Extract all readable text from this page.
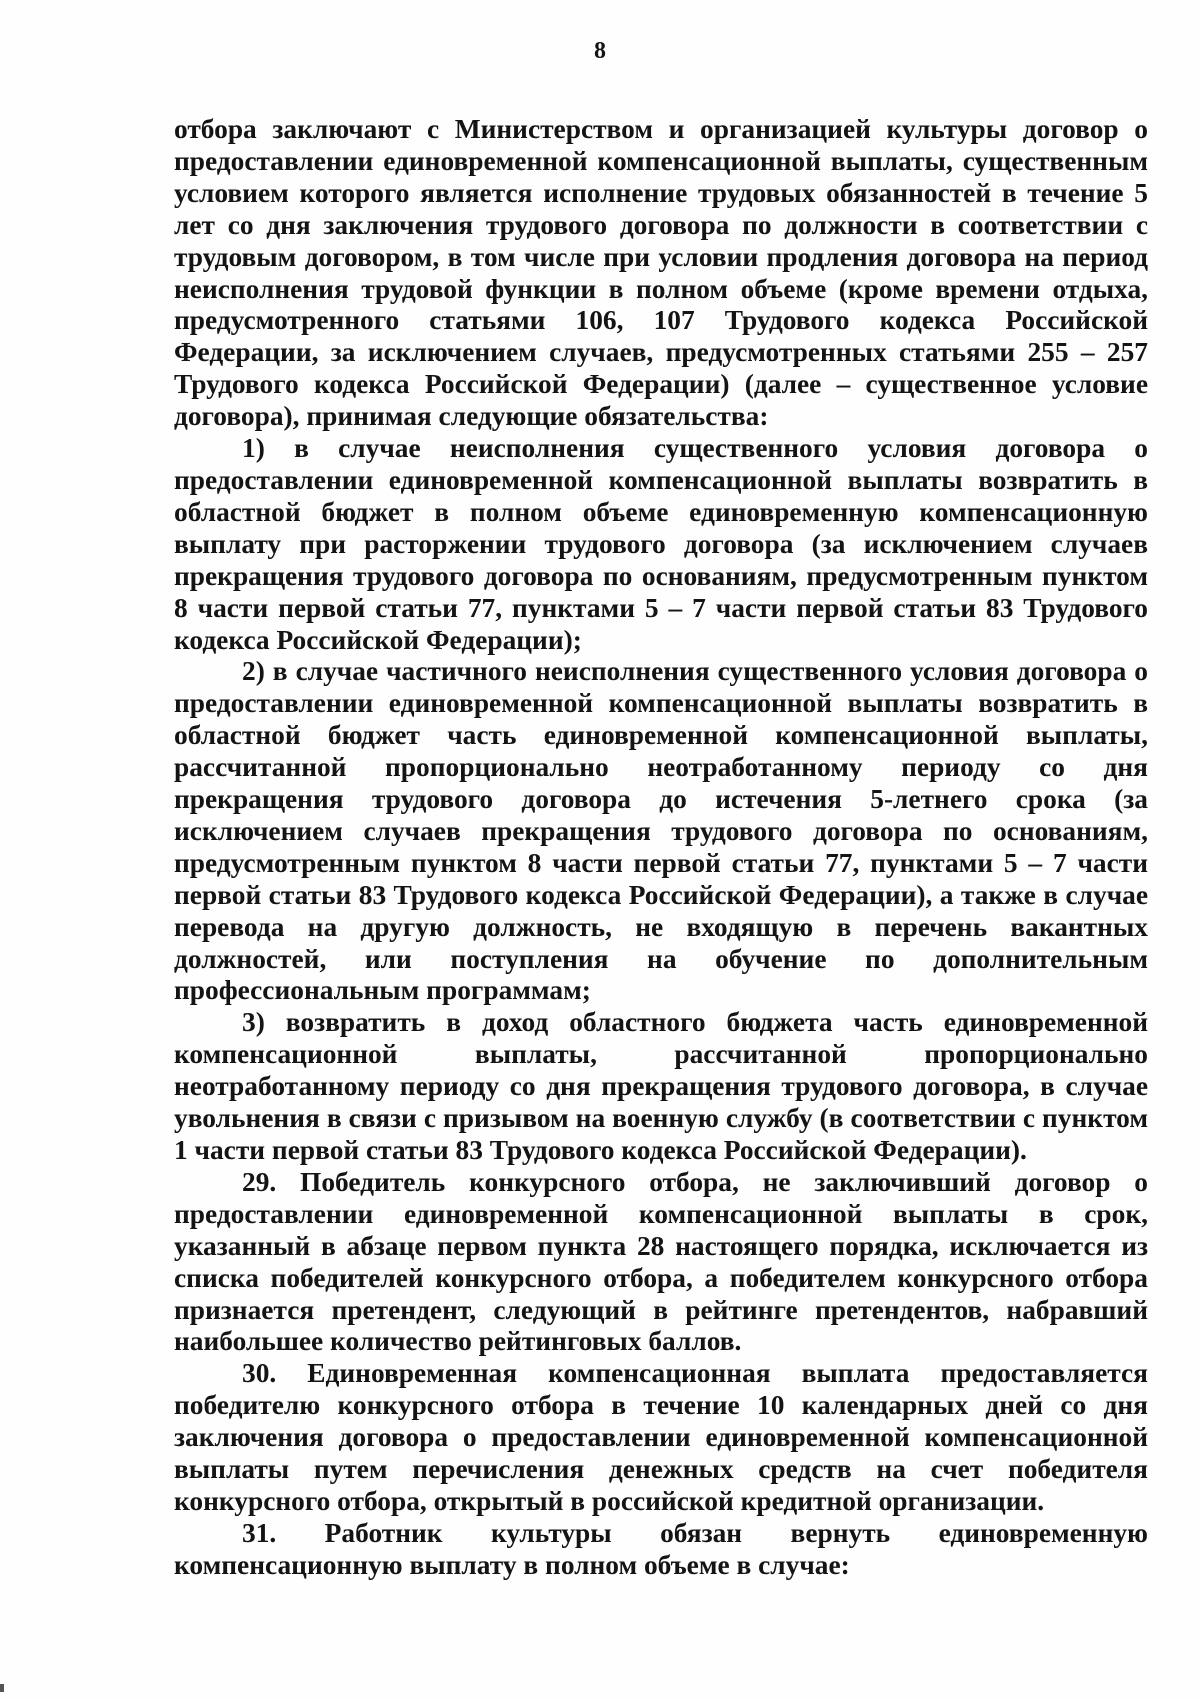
8

отбора заключают с Министерством и организацией культуры договор о предоставлении единовременной компенсационной выплаты, существенным условием которого является исполнение трудовых обязанностей в течение 5 лет со дня заключения трудового договора по должности в соответствии с трудовым договором, в том числе при условии продления договора на период неисполнения трудовой функции в полном объеме (кроме времени отдыха, предусмотренного статьями 106, 107 Трудового кодекса Российской Федерации, за исключением случаев, предусмотренных статьями 255 – 257 Трудового кодекса Российской Федерации) (далее – существенное условие договора), принимая следующие обязательства:

1) в случае неисполнения существенного условия договора о предоставлении единовременной компенсационной выплаты возвратить в областной бюджет в полном объеме единовременную компенсационную выплату при расторжении трудового договора (за исключением случаев прекращения трудового договора по основаниям, предусмотренным пунктом 8 части первой статьи 77, пунктами 5 – 7 части первой статьи 83 Трудового кодекса Российской Федерации);

2) в случае частичного неисполнения существенного условия договора о предоставлении единовременной компенсационной выплаты возвратить в областной бюджет часть единовременной компенсационной выплаты, рассчитанной пропорционально неотработанному периоду со дня прекращения трудового договора до истечения 5-летнего срока (за исключением случаев прекращения трудового договора по основаниям, предусмотренным пунктом 8 части первой статьи 77, пунктами 5 – 7 части первой статьи 83 Трудового кодекса Российской Федерации), а также в случае перевода на другую должность, не входящую в перечень вакантных должностей, или поступления на обучение по дополнительным профессиональным программам;

3) возвратить в доход областного бюджета часть единовременной компенсационной выплаты, рассчитанной пропорционально неотработанному периоду со дня прекращения трудового договора, в случае увольнения в связи с призывом на военную службу (в соответствии с пунктом 1 части первой статьи 83 Трудового кодекса Российской Федерации).

29. Победитель конкурсного отбора, не заключивший договор о предоставлении единовременной компенсационной выплаты в срок, указанный в абзаце первом пункта 28 настоящего порядка, исключается из списка победителей конкурсного отбора, а победителем конкурсного отбора признается претендент, следующий в рейтинге претендентов, набравший наибольшее количество рейтинговых баллов.

30. Единовременная компенсационная выплата предоставляется победителю конкурсного отбора в течение 10 календарных дней со дня заключения договора о предоставлении единовременной компенсационной выплаты путем перечисления денежных средств на счет победителя конкурсного отбора, открытый в российской кредитной организации.

31. Работник культуры обязан вернуть единовременную компенсационную выплату в полном объеме в случае:
